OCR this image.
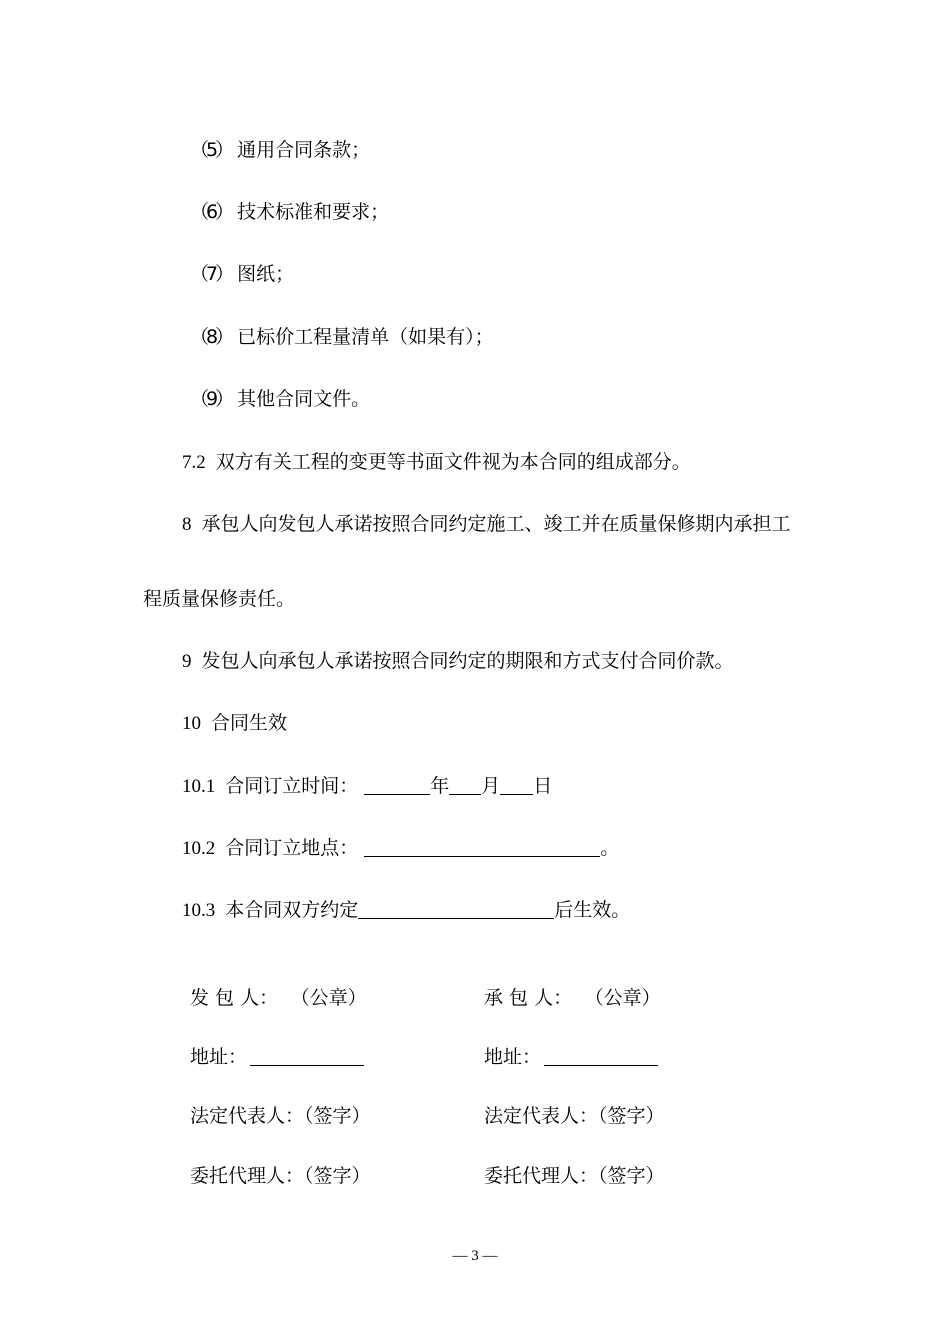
（5） 通用合同条款；
（6） 技术标准和要求；
（7） 图纸；
（8） 已标价工程量清单（如果有）；
（9） 其他合同文件。
7.2 双方有关工程的变更等书面文件视为本合同的组成部分。
8 承包人向发包人承诺按照合同约定施工、竣工并在质量保修期内承担工
程质量保修责任。
9 发包人向承包人承诺按照合同约定的期限和方式支付合同价款。
10 合同生效
10.1 合同订立时间：	年 月 日
10.2 合同订立地点：	。
10.3 本合同双方约定	后生效。
发 包 人： （公章）
地址：
法定代表人：（签字）
委托代理人：（签字）
承 包 人： （公章）
地址：
法定代表人：（签字）
委托代理人：（签字）
— 3 —
